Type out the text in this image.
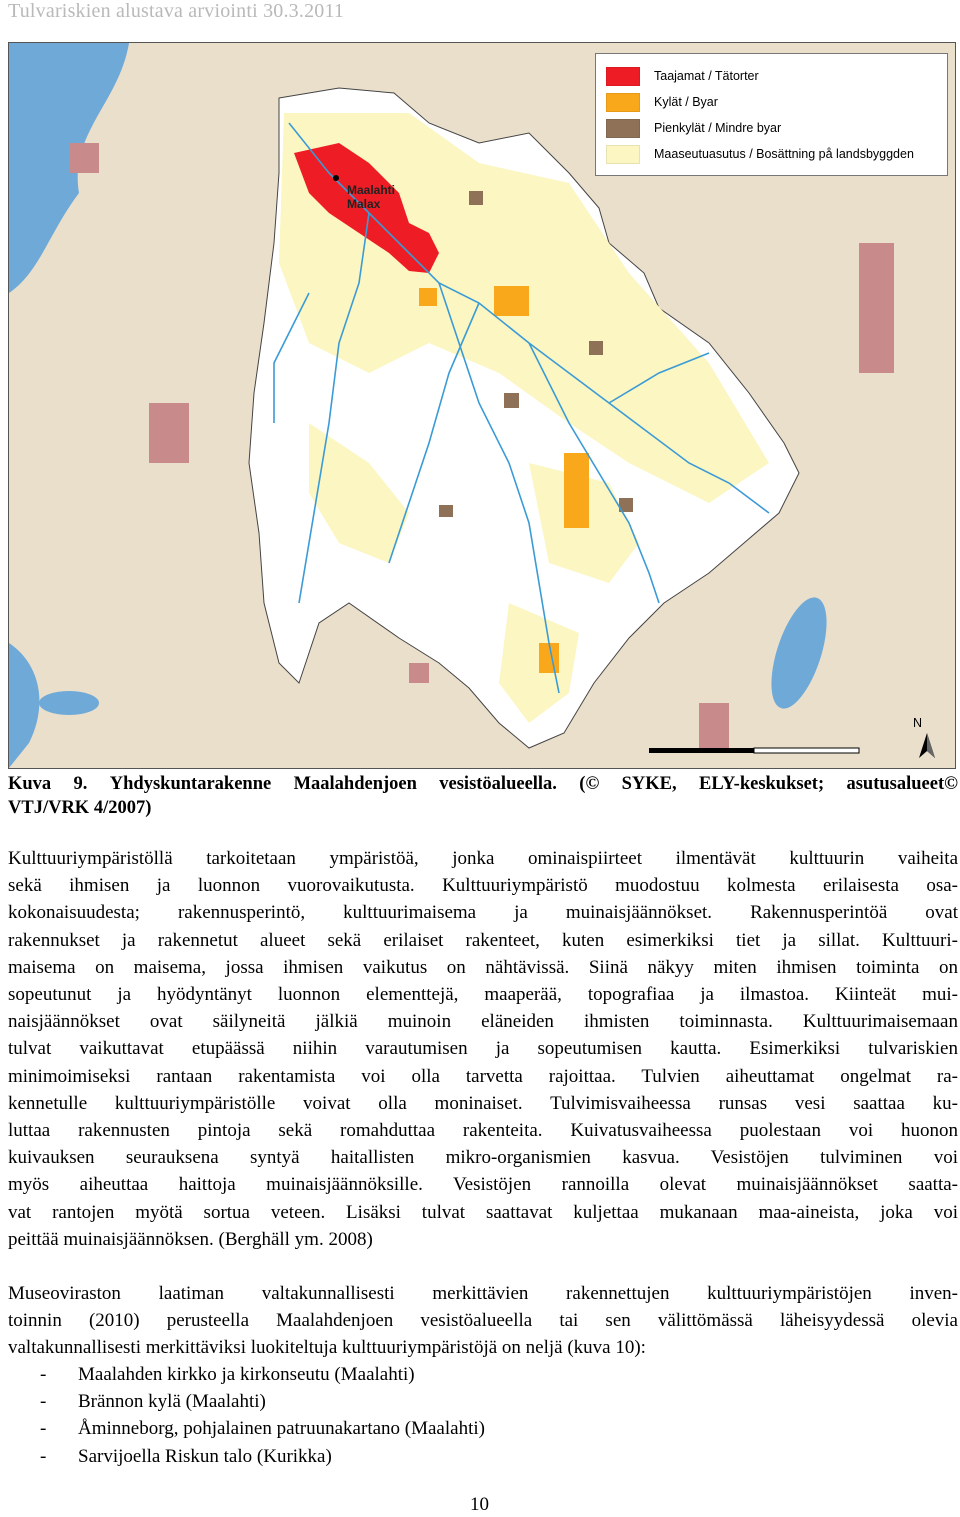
Tulvariskien alustava arviointi 30.3.2011
Maalahti
Malax
N
Taajamat / Tätorter
Kylät / Byar
Pienkylät / Mindre byar
Maaseutuasutus / Bosättning på landsbyggden
Kuva 9. Yhdyskuntarakenne Maalahdenjoen vesistöalueella. (© SYKE, ELY-keskukset; asutusalueet©
VTJ/VRK 4/2007)
Kulttuuriympäristöllä tarkoitetaan ympäristöä, jonka ominaispiirteet ilmentävät kulttuurin vaiheita
sekä ihmisen ja luonnon vuorovaikutusta. Kulttuuriympäristö muodostuu kolmesta erilaisesta osa-
kokonaisuudesta; rakennusperintö, kulttuurimaisema ja muinaisjäännökset. Rakennusperintöä ovat
rakennukset ja rakennetut alueet sekä erilaiset rakenteet, kuten esimerkiksi tiet ja sillat. Kulttuuri-
maisema on maisema, jossa ihmisen vaikutus on nähtävissä. Siinä näkyy miten ihmisen toiminta on
sopeutunut ja hyödyntänyt luonnon elementtejä, maaperää, topografiaa ja ilmastoa. Kiinteät mui-
naisjäännökset ovat säilyneitä jälkiä muinoin eläneiden ihmisten toiminnasta. Kulttuurimaisemaan
tulvat vaikuttavat etupäässä niihin varautumisen ja sopeutumisen kautta. Esimerkiksi tulvariskien
minimoimiseksi rantaan rakentamista voi olla tarvetta rajoittaa. Tulvien aiheuttamat ongelmat ra-
kennetulle kulttuuriympäristölle voivat olla moninaiset. Tulvimisvaiheessa runsas vesi saattaa ku-
luttaa rakennusten pintoja sekä romahduttaa rakenteita. Kuivatusvaiheessa puolestaan voi huonon
kuivauksen seurauksena syntyä haitallisten mikro-organismien kasvua. Vesistöjen tulviminen voi
myös aiheuttaa haittoja muinaisjäännöksille. Vesistöjen rannoilla olevat muinaisjäännökset saatta-
vat rantojen myötä sortua veteen. Lisäksi tulvat saattavat kuljettaa mukanaan maa-aineista, joka voi
peittää muinaisjäännöksen. (Berghäll ym. 2008)
Museoviraston laatiman valtakunnallisesti merkittävien rakennettujen kulttuuriympäristöjen inven-
toinnin (2010) perusteella Maalahdenjoen vesistöalueella tai sen välittömässä läheisyydessä olevia
valtakunnallisesti merkittäviksi luokiteltuja kulttuuriympäristöjä on neljä (kuva 10):
-	Maalahden kirkko ja kirkonseutu (Maalahti)
-	Brännon kylä (Maalahti)
-	Åminneborg, pohjalainen patruunakartano (Maalahti)
-	Sarvijoella Riskun talo (Kurikka)
10
